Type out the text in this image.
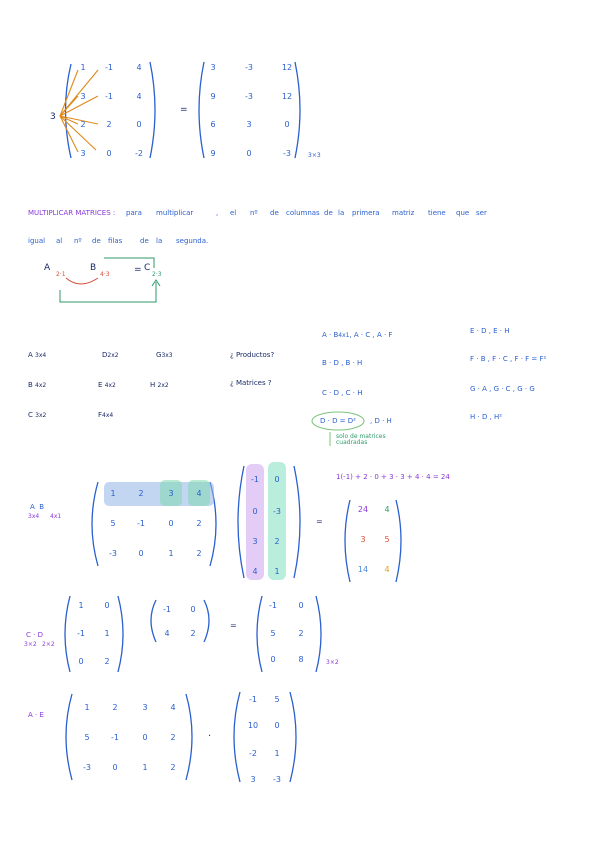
3
=
3×3
1	-1	4
3	-1	4
2	2	0
3	0	-2
3	-3	12
9	-3	12
6	3	0
9	0	-3
MULTIPLICAR MATRICES : para multiplicar	, el nº de columnas de la primera matriz tiene que ser
igual al nº de filas	de la segunda.
A
2·1
B
4·3	= C
2·3
A 3x4	D2x2	G3x3
B 4x2	E 4x2	H 2x2
C 3x2	F4x4
¿ Productos?
¿ Matrices ?
A · B4x1, A · C , A · F
B · D , B · H
C · D , C · H
D · D = D² , D · H
solo de matrices cuadradas
E · D , E · H
F · B , F · C , F · F = F²
G · A , G · C , G · G
H · D , H²
A B
3x4 4x1
=
1(-1) + 2 · 0 + 3 · 3 + 4 · 4 = 24
1	2	3	4
5	-1	0	2
-3	0	1	2
-1	0
0	-3
3	2
4	1
24	4
3	5
14	4
C · D
3×2 2×2
=
3×2
1	0
-1	1
0	2
-1	0
4	2
-1	0
5	2
0	8
A · E
·
1	2	3	4
5	-1	0	2
-3	0	1	2
-1	5
10	0
-2	1
3	-3
